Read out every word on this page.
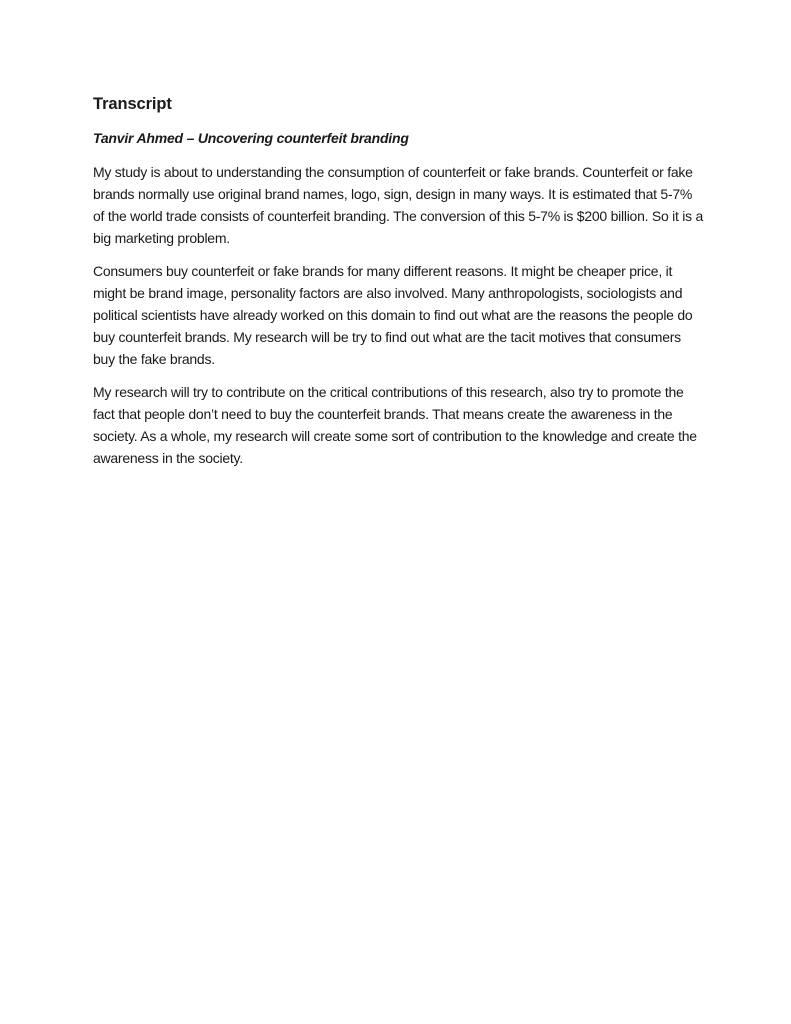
Transcript

Tanvir Ahmed – Uncovering counterfeit branding

My study is about to understanding the consumption of counterfeit or fake brands. Counterfeit or fake brands normally use original brand names, logo, sign, design in many ways. It is estimated that 5-7% of the world trade consists of counterfeit branding. The conversion of this 5-7% is $200 billion. So it is a big marketing problem.

Consumers buy counterfeit or fake brands for many different reasons. It might be cheaper price, it might be brand image, personality factors are also involved. Many anthropologists, sociologists and political scientists have already worked on this domain to find out what are the reasons the people do buy counterfeit brands. My research will be try to find out what are the tacit motives that consumers buy the fake brands.

My research will try to contribute on the critical contributions of this research, also try to promote the fact that people don’t need to buy the counterfeit brands. That means create the awareness in the society. As a whole, my research will create some sort of contribution to the knowledge and create the awareness in the society.
